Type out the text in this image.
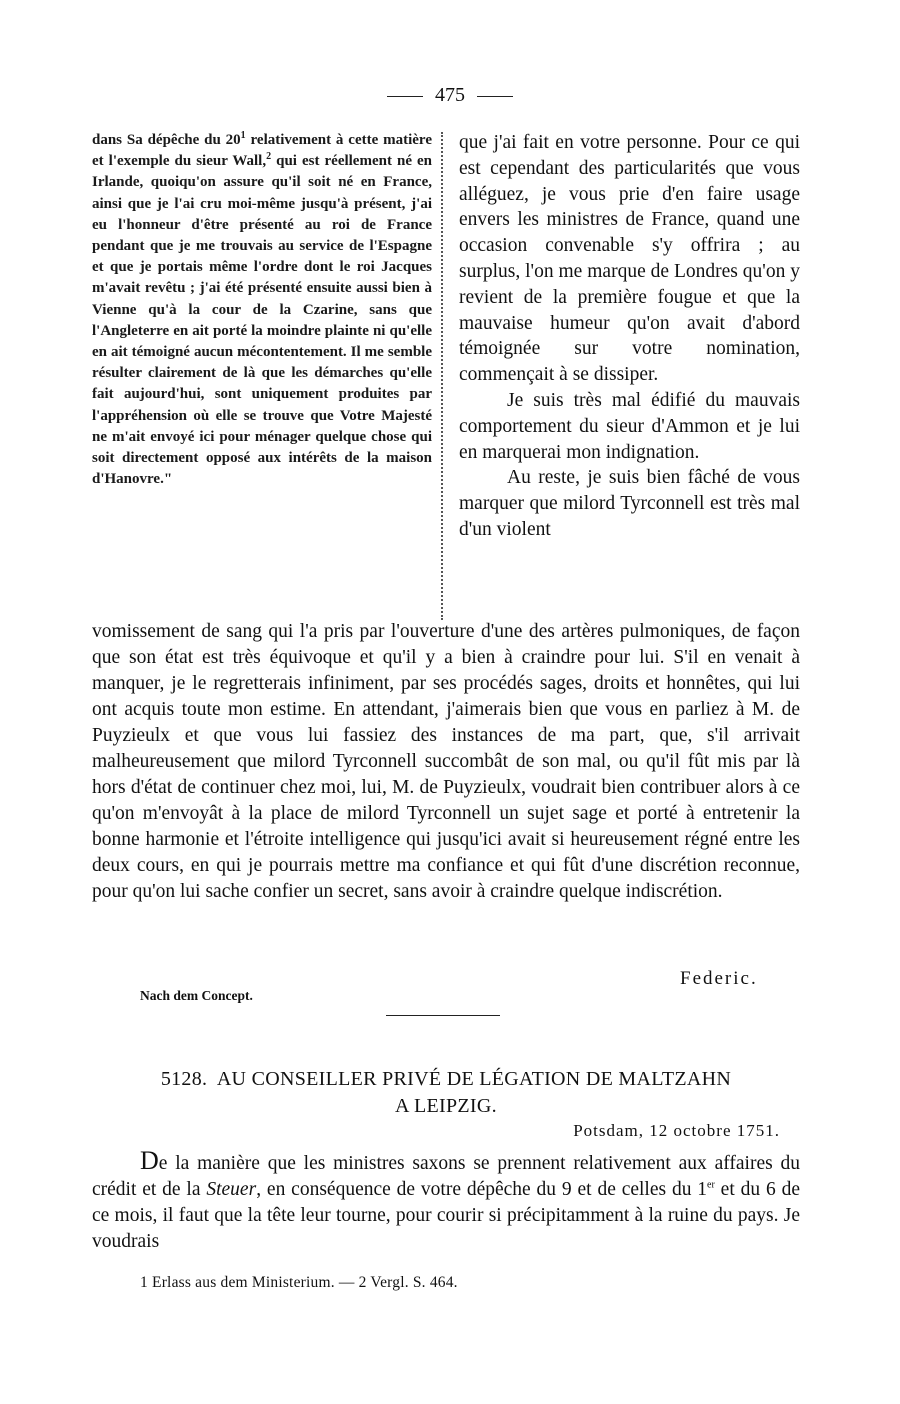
475

dans Sa dépêche du $20^1$ relativement à cette matière et l'exemple du sieur Wall,$^2$ qui est réellement né en Irlande, quoiqu'on assure qu'il soit né en France, ainsi que je l'ai cru moi-même jusqu'à présent, j'ai eu l'honneur d'être présenté au roi de France pendant que je me trouvais au service de l'Espagne et que je portais même l'ordre dont le roi Jacques m'avait revêtu ; j'ai été présenté ensuite aussi bien à Vienne qu'à la cour de la Czarine, sans que l'Angleterre en ait porté la moindre plainte ni qu'elle en ait témoigné aucun mécontentement. Il me semble résulter clairement de là que les démarches qu'elle fait aujourd'hui, sont uniquement produites par l'appréhension où elle se trouve que Votre Majesté ne m'ait envoyé ici pour ménager quelque chose qui soit directement opposé aux intérêts de la maison d'Hanovre."

que j'ai fait en votre personne. Pour ce qui est cependant des particularités que vous alléguez, je vous prie d'en faire usage envers les ministres de France, quand une occasion convenable s'y offrira ; au surplus, l'on me marque de Londres qu'on y revient de la première fougue et que la mauvaise humeur qu'on avait d'abord témoignée sur votre nomination, commençait à se dissiper.

Je suis très mal édifié du mauvais comportement du sieur d'Ammon et je lui en marquerai mon indignation.

Au reste, je suis bien fâché de vous marquer que milord Tyrconnell est très mal d'un violent

vomissement de sang qui l'a pris par l'ouverture d'une des artères pulmoniques, de façon que son état est très équivoque et qu'il y a bien à craindre pour lui. S'il en venait à manquer, je le regretterais infiniment, par ses procédés sages, droits et honnêtes, qui lui ont acquis toute mon estime. En attendant, j'aimerais bien que vous en parliez à M. de Puyzieulx et que vous lui fassiez des instances de ma part, que, s'il arrivait malheureusement que milord Tyrconnell succombât de son mal, ou qu'il fût mis par là hors d'état de continuer chez moi, lui, M. de Puyzieulx, voudrait bien contribuer alors à ce qu'on m'envoyât à la place de milord Tyrconnell un sujet sage et porté à entretenir la bonne harmonie et l'étroite intelligence qui jusqu'ici avait si heureusement régné entre les deux cours, en qui je pourrais mettre ma confiance et qui fût d'une discrétion reconnue, pour qu'on lui sache confier un secret, sans avoir à craindre quelque indiscrétion.

Federic.
Nach dem Concept.
5128. AU CONSEILLER PRIVÉ DE LÉGATION DE MALTZAHN
A LEIPZIG.
Potsdam, 12 octobre 1751.

De la manière que les ministres saxons se prennent relativement aux affaires du crédit et de la Steuer, en conséquence de votre dépêche du 9 et de celles du 1er et du 6 de ce mois, il faut que la tête leur tourne, pour courir si précipitamment à la ruine du pays. Je voudrais

1 Erlass aus dem Ministerium. — 2 Vergl. S. 464.
